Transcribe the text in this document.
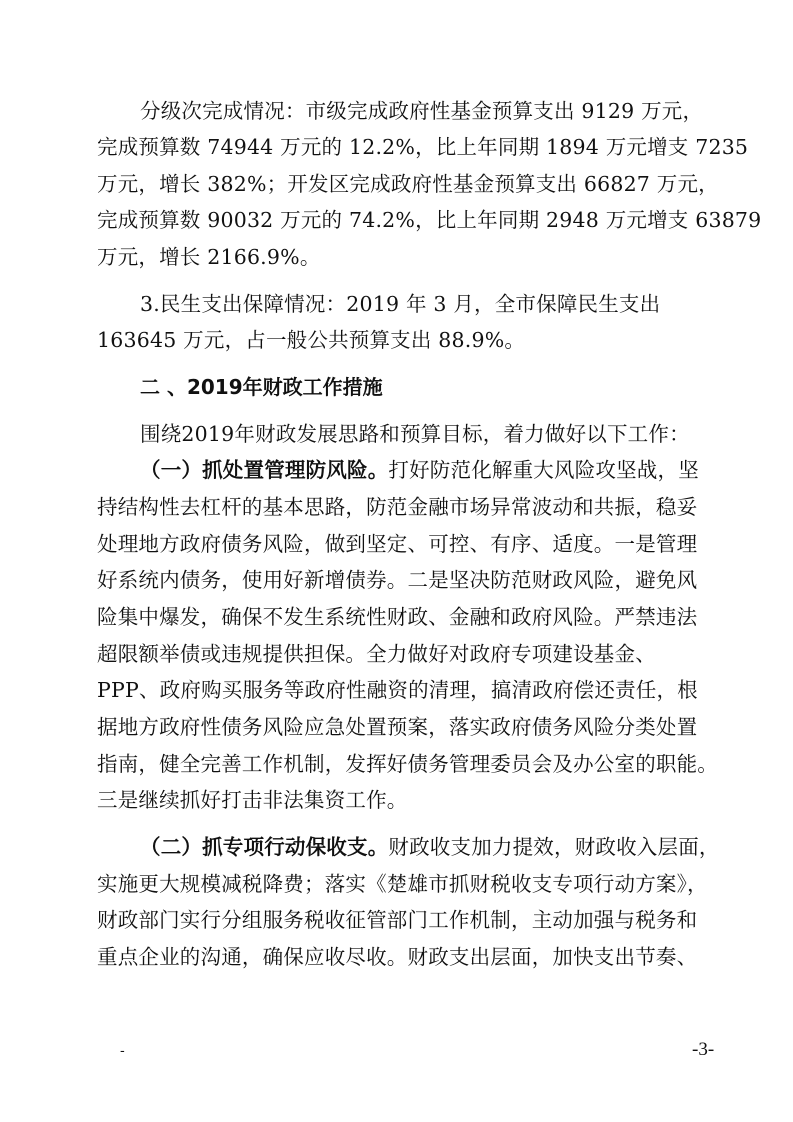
分级次完成情况：市级完成政府性基金预算支出 9129 万元，
完成预算数 74944 万元的 12.2%，比上年同期 1894 万元增支 7235
万元，增长 382%；开发区完成政府性基金预算支出 66827 万元，
完成预算数 90032 万元的 74.2%，比上年同期 2948 万元增支 63879
万元，增长 2166.9%。
3.民生支出保障情况：2019 年 3 月，全市保障民生支出
163645 万元，占一般公共预算支出 88.9%。
二 、2019年财政工作措施
围绕2019年财政发展思路和预算目标，着力做好以下工作：
（一）抓处置管理防风险。打好防范化解重大风险攻坚战，坚
持结构性去杠杆的基本思路，防范金融市场异常波动和共振，稳妥
处理地方政府债务风险，做到坚定、可控、有序、适度。一是管理
好系统内债务，使用好新增债券。二是坚决防范财政风险，避免风
险集中爆发，确保不发生系统性财政、金融和政府风险。严禁违法
超限额举债或违规提供担保。全力做好对政府专项建设基金、
PPP、政府购买服务等政府性融资的清理，搞清政府偿还责任，根
据地方政府性债务风险应急处置预案，落实政府债务风险分类处置
指南，健全完善工作机制，发挥好债务管理委员会及办公室的职能。
三是继续抓好打击非法集资工作。
（二）抓专项行动保收支。财政收支加力提效，财政收入层面，
实施更大规模减税降费；落实《楚雄市抓财税收支专项行动方案》，
财政部门实行分组服务税收征管部门工作机制，主动加强与税务和
重点企业的沟通，确保应收尽收。财政支出层面，加快支出节奏、
-	-3-
